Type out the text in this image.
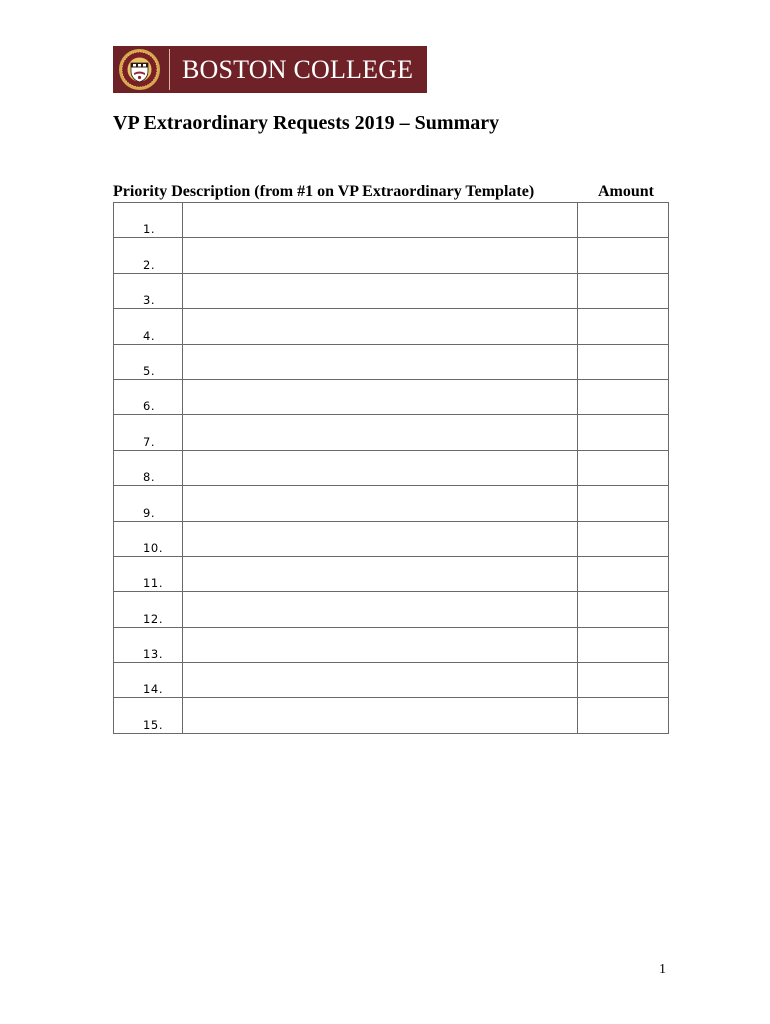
BOSTON COLLEGE
VP Extraordinary Requests 2019 – Summary
Priority Description (from #1 on VP Extraordinary Template)	Amount
1.		
2.		
3.		
4.		
5.		
6.		
7.		
8.		
9.		
10.		
11.		
12.		
13.		
14.		
15.		
1
